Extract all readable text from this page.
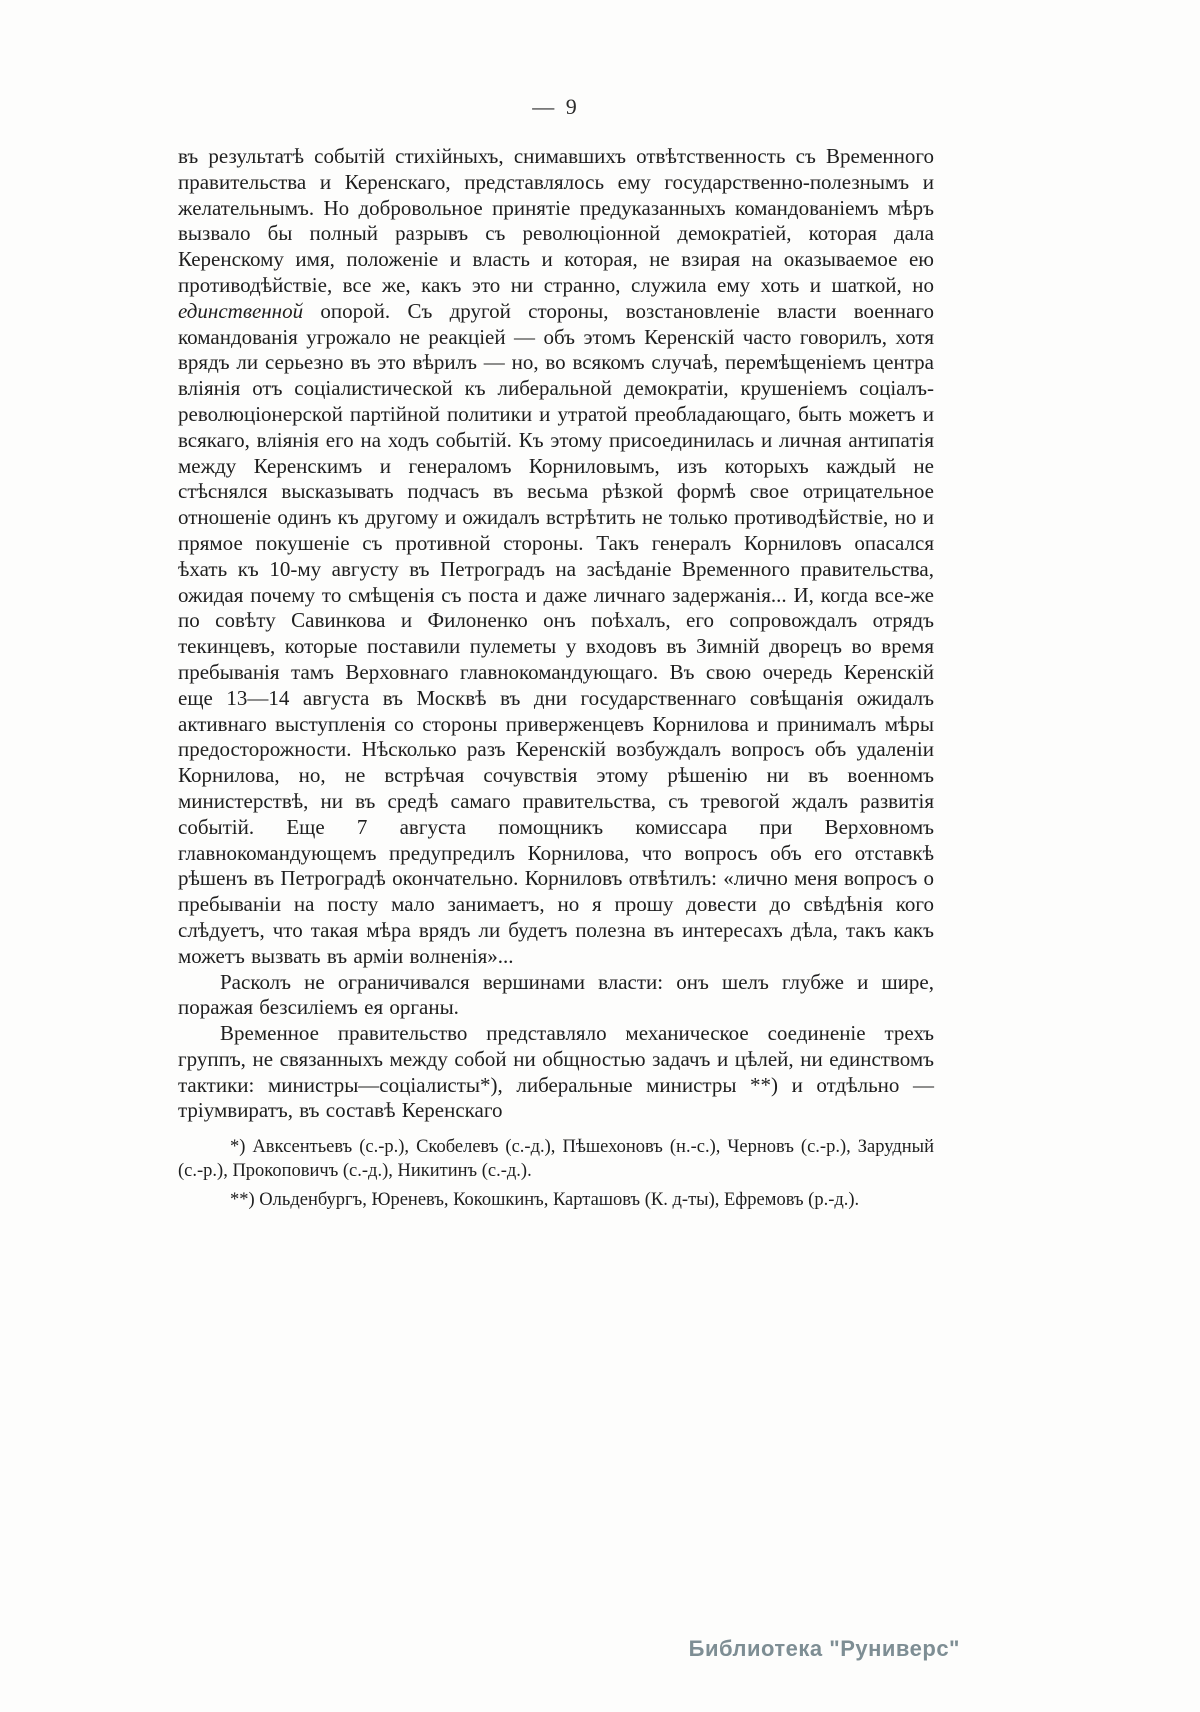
— 9

въ результатѣ событій стихійныхъ, снимавшихъ отвѣтственность съ Временного правительства и Керенскаго, представлялось ему государственно-полезнымъ и желательнымъ. Но добровольное принятіе предуказанныхъ командованіемъ мѣръ вызвало бы полный разрывъ съ революціонной демократіей, которая дала Керенскому имя, положеніе и власть и которая, не взирая на оказываемое ею противодѣйствіе, все же, какъ это ни странно, служила ему хоть и шаткой, но единственной опорой. Съ другой стороны, возстановленіе власти военнаго командованія угрожало не реакціей — объ этомъ Керенскій часто говорилъ, хотя врядъ ли серьезно въ это вѣрилъ — но, во всякомъ случаѣ, перемѣщеніемъ центра вліянія отъ соціалистической къ либеральной демократіи, крушеніемъ соціалъ-революціонерской партійной политики и утратой преобладающаго, быть можетъ и всякаго, вліянія его на ходъ событій. Къ этому присоединилась и личная антипатія между Керенскимъ и генераломъ Корниловымъ, изъ которыхъ каждый не стѣснялся высказывать подчасъ въ весьма рѣзкой формѣ свое отрицательное отношеніе одинъ къ другому и ожидалъ встрѣтить не только противодѣйствіе, но и прямое покушеніе съ противной стороны. Такъ генералъ Корниловъ опасался ѣхать къ 10-му августу въ Петроградъ на засѣданіе Временного правительства, ожидая почему то смѣщенія съ поста и даже личнаго задержанія... И, когда все-же по совѣту Савинкова и Филоненко онъ поѣхалъ, его сопровождалъ отрядъ текинцевъ, которые поставили пулеметы у входовъ въ Зимній дворецъ во время пребыванія тамъ Верховнаго главнокомандующаго. Въ свою очередь Керенскій еще 13—14 августа въ Москвѣ въ дни государственнаго совѣщанія ожидалъ активнаго выступленія со стороны приверженцевъ Корнилова и принималъ мѣры предосторожности. Нѣсколько разъ Керенскій возбуждалъ вопросъ объ удаленіи Корнилова, но, не встрѣчая сочувствія этому рѣшенію ни въ военномъ министерствѣ, ни въ средѣ самаго правительства, съ тревогой ждалъ развитія событій. Еще 7 августа помощникъ комиссара при Верховномъ главнокомандующемъ предупредилъ Корнилова, что вопросъ объ его отставкѣ рѣшенъ въ Петроградѣ окончательно. Корниловъ отвѣтилъ: «лично меня вопросъ о пребываніи на посту мало занимаетъ, но я прошу довести до свѣдѣнія кого слѣдуетъ, что такая мѣра врядъ ли будетъ полезна въ интересахъ дѣла, такъ какъ можетъ вызвать въ арміи волненія»...

Расколъ не ограничивался вершинами власти: онъ шелъ глубже и шире, поражая безсиліемъ ея органы.

Временное правительство представляло механическое соединеніе трехъ группъ, не связанныхъ между собой ни общностью задачъ и цѣлей, ни единствомъ тактики: министры—соціалисты*), либеральные министры **) и отдѣльно — тріумвиратъ, въ составѣ Керенскаго

*) Авксентьевъ (с.-р.), Скобелевъ (с.-д.), Пѣшехоновъ (н.-с.), Черновъ (с.-р.), Зарудный (с.-р.), Прокоповичъ (с.-д.), Никитинъ (с.-д.).

**) Ольденбургъ, Юреневъ, Кокошкинъ, Карташовъ (К. д-ты), Ефремовъ (р.-д.).

Библиотека "Руниверс"
